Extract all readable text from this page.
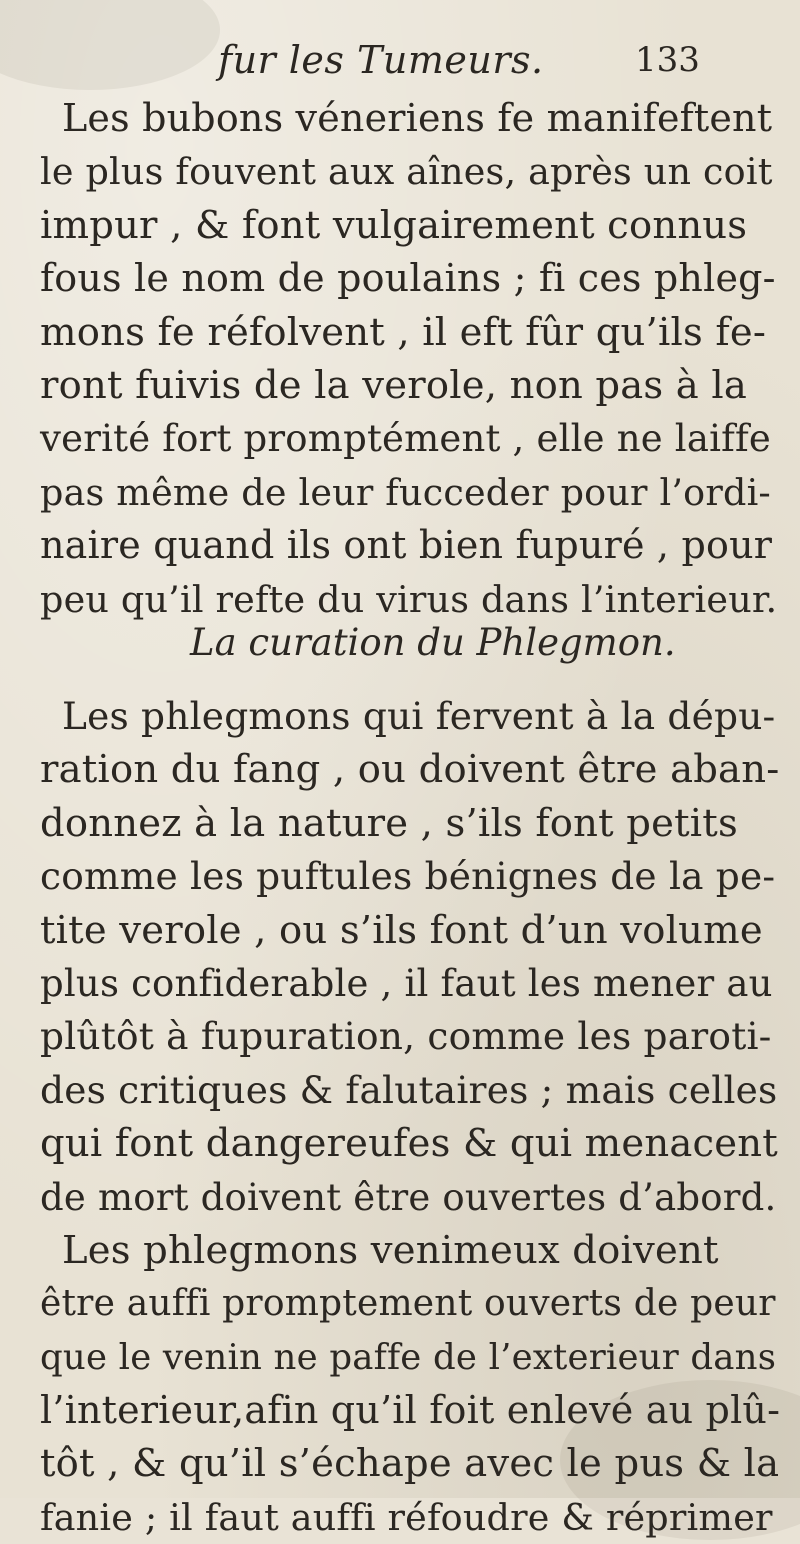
fur les Tumeurs.	133
Les bubons véneriens fe manifeftent
le plus fouvent aux aînes, après un coit
impur , & font vulgairement connus
fous le nom de poulains ; fi ces phleg-
mons fe réfolvent , il eft fûr qu’ils fe-
ront fuivis de la verole, non pas à la
verité fort promptément , elle ne laiffe
pas même de leur fucceder pour l’ordi-
naire quand ils ont bien fupuré , pour
peu qu’il refte du virus dans l’interieur.
La curation du Phlegmon.
Les phlegmons qui fervent à la dépu-
ration du fang , ou doivent être aban-
donnez à la nature , s’ils font petits
comme les puftules bénignes de la pe-
tite verole , ou s’ils font d’un volume
plus confiderable , il faut les mener au
plûtôt à fupuration, comme les paroti-
des critiques & falutaires ; mais celles
qui font dangereufes & qui menacent
de mort doivent être ouvertes d’abord.
Les phlegmons venimeux doivent
être auffi promptement ouverts de peur
que le venin ne paffe de l’exterieur dans
l’interieur,afin qu’il foit enlevé au plû-
tôt , & qu’il s’échape avec le pus & la
fanie ; il faut auffi réfoudre & réprimer
